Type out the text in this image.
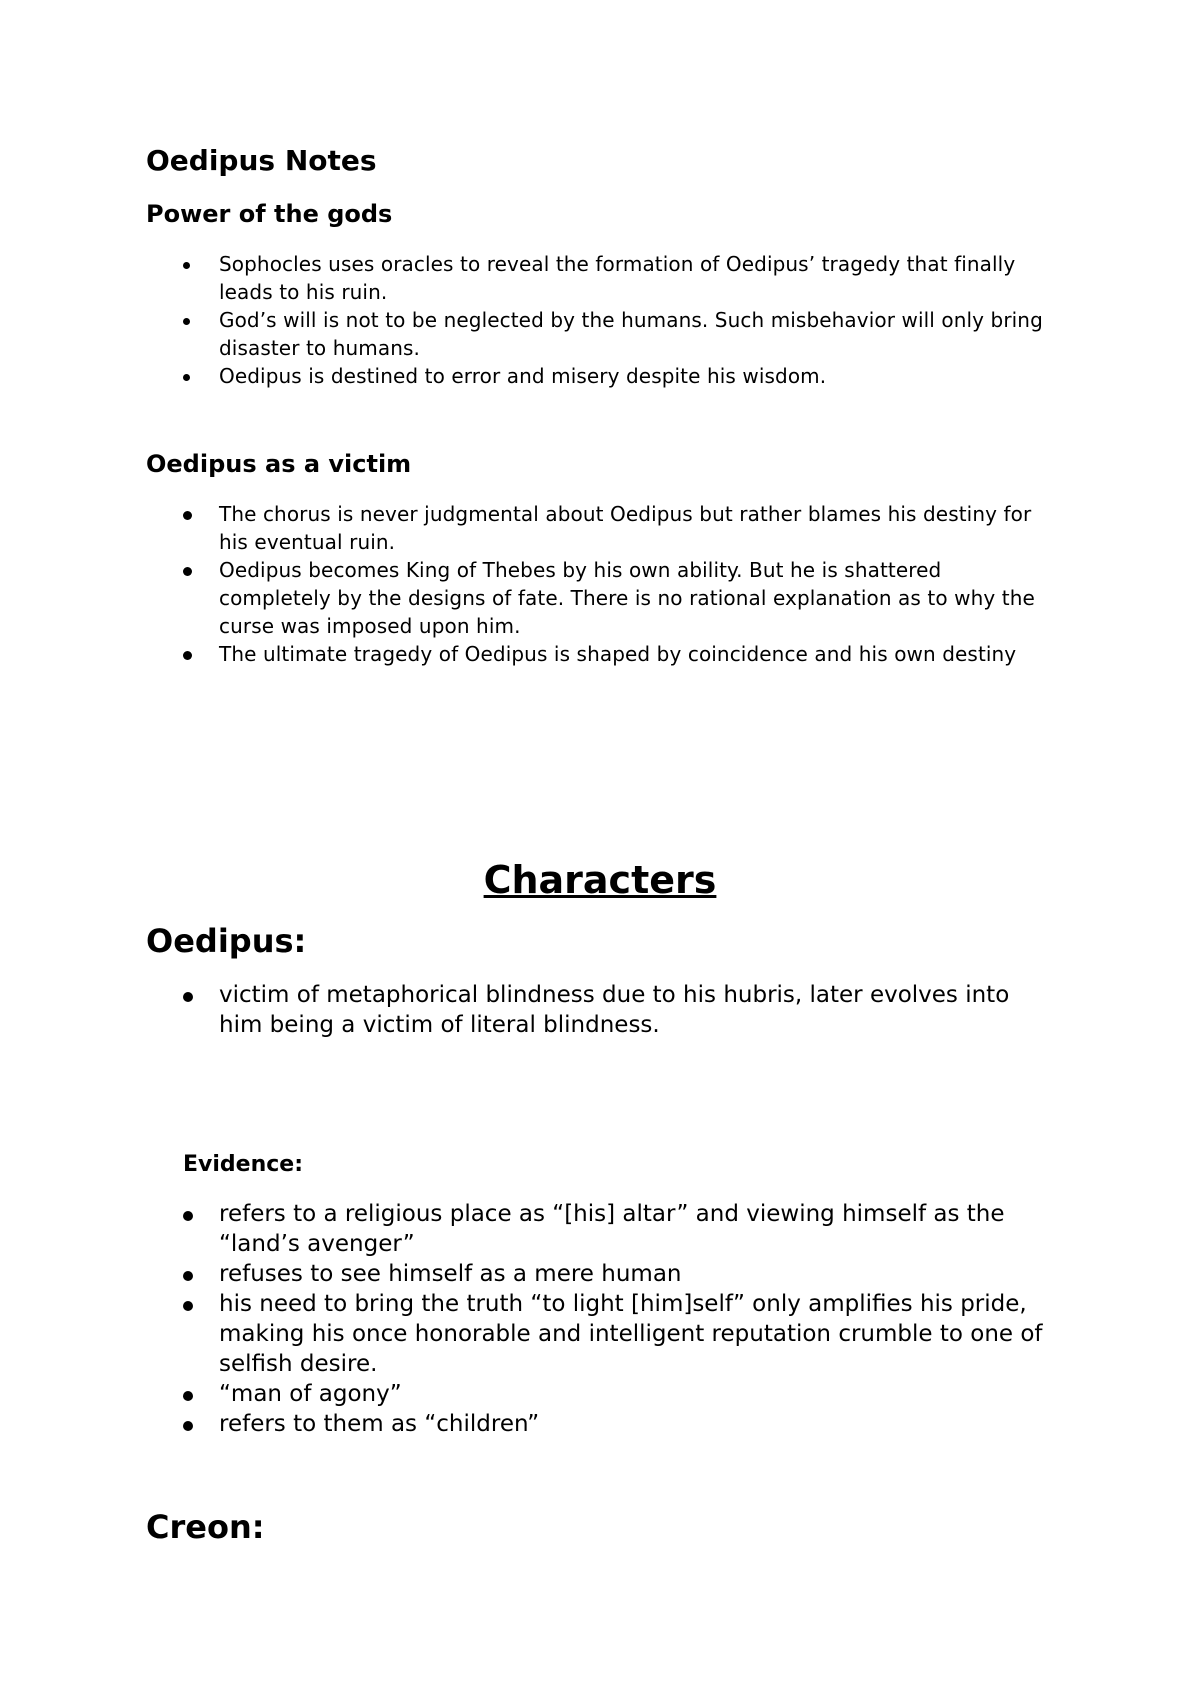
Oedipus Notes
Power of the gods
Sophocles uses oracles to reveal the formation of Oedipus’ tragedy that finally leads to his ruin.
God’s will is not to be neglected by the humans. Such misbehavior will only bring disaster to humans.
Oedipus is destined to error and misery despite his wisdom.
Oedipus as a victim
The chorus is never judgmental about Oedipus but rather blames his destiny for his eventual ruin.
Oedipus becomes King of Thebes by his own ability. But he is shattered completely by the designs of fate. There is no rational explanation as to why the curse was imposed upon him.
The ultimate tragedy of Oedipus is shaped by coincidence and his own destiny
Characters
Oedipus:
victim of metaphorical blindness due to his hubris, later evolves into him being a victim of literal blindness.
Evidence:
refers to a religious place as “[his] altar” and viewing himself as the “land’s avenger”
refuses to see himself as a mere human
his need to bring the truth “to light [him]self” only amplifies his pride, making his once honorable and intelligent reputation crumble to one of selfish desire.
“man of agony”
refers to them as “children”
Creon:
